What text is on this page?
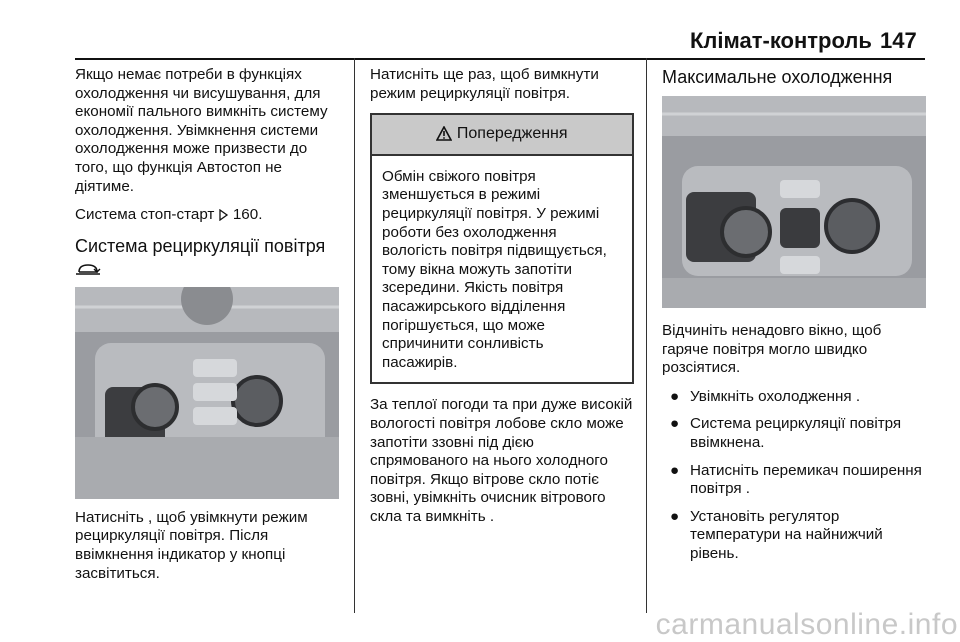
Клімат-контроль 147

Якщо немає потреби в функціях охолодження чи висушування, для економії пального вимкніть систему охолодження. Увімкнення системи охолодження може призвести до того, що функція Автостоп не діятиме.

Система стоп-старт 160.

Система рециркуляції повітря

Натисніть , щоб увімкнути режим рециркуляції повітря. Після ввімкнення індикатор у кнопці засвітиться.

Натисніть ще раз, щоб вимкнути режим рециркуляції повітря.

Попередження
Обмін свіжого повітря зменшується в режимі рециркуляції повітря. У режимі роботи без охолодження вологість повітря підвищується, тому вікна можуть запотіти зсередини. Якість повітря пасажирського відділення погіршується, що може спричинити сонливість пасажирів.

За теплої погоди та при дуже високій вологості повітря лобове скло може запотіти ззовні під дією спрямованого на нього холодного повітря. Якщо вітрове скло потіє зовні, увімкніть очисник вітрового скла та вимкніть .

Максимальне охолодження

Відчиніть ненадовго вікно, щоб гаряче повітря могло швидко розсіятися.

● Увімкніть охолодження .
● Система рециркуляції повітря ввімкнена.
● Натисніть перемикач поширення повітря .
● Установіть регулятор температури на найнижчий рівень.
carmanualsonline.info
